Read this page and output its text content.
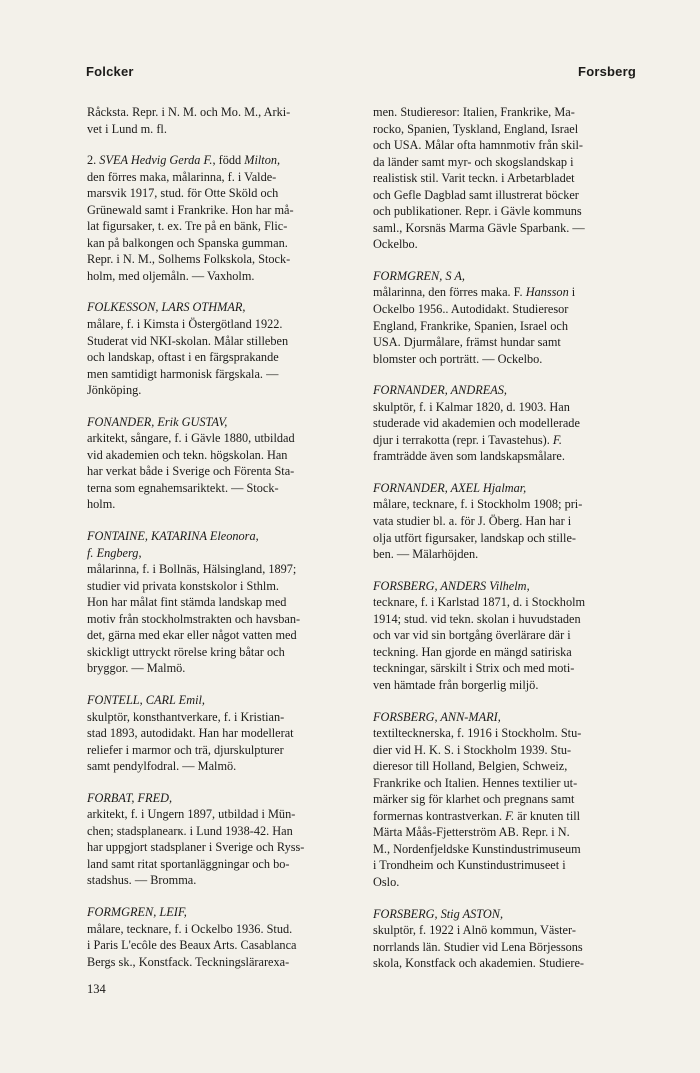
Folcker	Forsberg
Råcksta. Repr. i N. M. och Mo. M., Arki-
vet i Lund m. fl.
2. SVEA Hedvig Gerda F., född Milton,
den förres maka, målarinna, f. i Valde-
marsvik 1917, stud. för Otte Sköld och
Grünewald samt i Frankrike. Hon har må-
lat figursaker, t. ex. Tre på en bänk, Flic-
kan på balkongen och Spanska gumman.
Repr. i N. M., Solhems Folkskola, Stock-
holm, med oljemåln. — Vaxholm.
FOLKESSON, LARS OTHMAR,
målare, f. i Kimsta i Östergötland 1922.
Studerat vid NKI-skolan. Målar stilleben
och landskap, oftast i en färgsprakande
men samtidigt harmonisk färgskala. —
Jönköping.
FONANDER, Erik GUSTAV,
arkitekt, sångare, f. i Gävle 1880, utbildad
vid akademien och tekn. högskolan. Han
har verkat både i Sverige och Förenta Sta-
terna som egnahemsariktekt. — Stock-
holm.
FONTAINE, KATARINA Eleonora,
f. Engberg,
målarinna, f. i Bollnäs, Hälsingland, 1897;
studier vid privata konstskolor i Sthlm.
Hon har målat fint stämda landskap med
motiv från stockholmstrakten och havsban-
det, gärna med ekar eller något vatten med
skickligt uttryckt rörelse kring båtar och
bryggor. — Malmö.
FONTELL, CARL Emil,
skulptör, konsthantverkare, f. i Kristian-
stad 1893, autodidakt. Han har modellerat
reliefer i marmor och trä, djurskulpturer
samt pendylfodral. — Malmö.
FORBAT, FRED,
arkitekt, f. i Ungern 1897, utbildad i Mün-
chen; stadsplanearк. i Lund 1938-42. Han
har uppgjort stadsplaner i Sverige och Ryss-
land samt ritat sportanläggningar och bo-
stadshus. — Bromma.
FORMGREN, LEIF,
målare, tecknare, f. i Ockelbo 1936. Stud.
i Paris L'ecôle des Beaux Arts. Casablanca
Bergs sk., Konstfack. Teckningslärarexa-
men. Studieresor: Italien, Frankrike, Ma-
rocko, Spanien, Tyskland, England, Israel
och USA. Målar ofta hamnmotiv från skil-
da länder samt myr- och skogslandskap i
realistisk stil. Varit teckn. i Arbetarbladet
och Gefle Dagblad samt illustrerat böcker
och publikationer. Repr. i Gävle kommuns
saml., Korsnäs Marma Gävle Sparbank. —
Ockelbo.
FORMGREN, S A,
målarinna, den förres maka. F. Hansson i
Ockelbo 1956.. Autodidakt. Studieresor
England, Frankrike, Spanien, Israel och
USA. Djurmålare, främst hundar samt
blomster och porträtt. — Ockelbo.
FORNANDER, ANDREAS,
skulptör, f. i Kalmar 1820, d. 1903. Han
studerade vid akademien och modellerade
djur i terrakotta (repr. i Tavastehus). F.
framträdde även som landskapsmålare.
FORNANDER, AXEL Hjalmar,
målare, tecknare, f. i Stockholm 1908; pri-
vata studier bl. a. för J. Öberg. Han har i
olja utfört figursaker, landskap och stille-
ben. — Mälarhöjden.
FORSBERG, ANDERS Vilhelm,
tecknare, f. i Karlstad 1871, d. i Stockholm
1914; stud. vid tekn. skolan i huvudstaden
och var vid sin bortgång överlärare där i
teckning. Han gjorde en mängd satiriska
teckningar, särskilt i Strix och med motі-
ven hämtade från borgerlig miljö.
FORSBERG, ANN-MARI,
textiltecknerska, f. 1916 i Stockholm. Stu-
dier vid H. K. S. i Stockholm 1939. Stu-
dieresor till Holland, Belgien, Schweiz,
Frankrike och Italien. Hennes textilier ut-
märker sig för klarhet och pregnans samt
formernas kontrastverkan. F. är knuten till
Märta Måås-Fjetterström AB. Repr. i N.
M., Nordenfjeldske Kunstindustrimuseum
i Trondheim och Kunstindustrimuseet i
Oslo.
FORSBERG, Stig ASTON,
skulptör, f. 1922 i Alnö kommun, Väster-
norrlands län. Studier vid Lena Börjessons
skola, Konstfack och akademien. Studiere-
134
